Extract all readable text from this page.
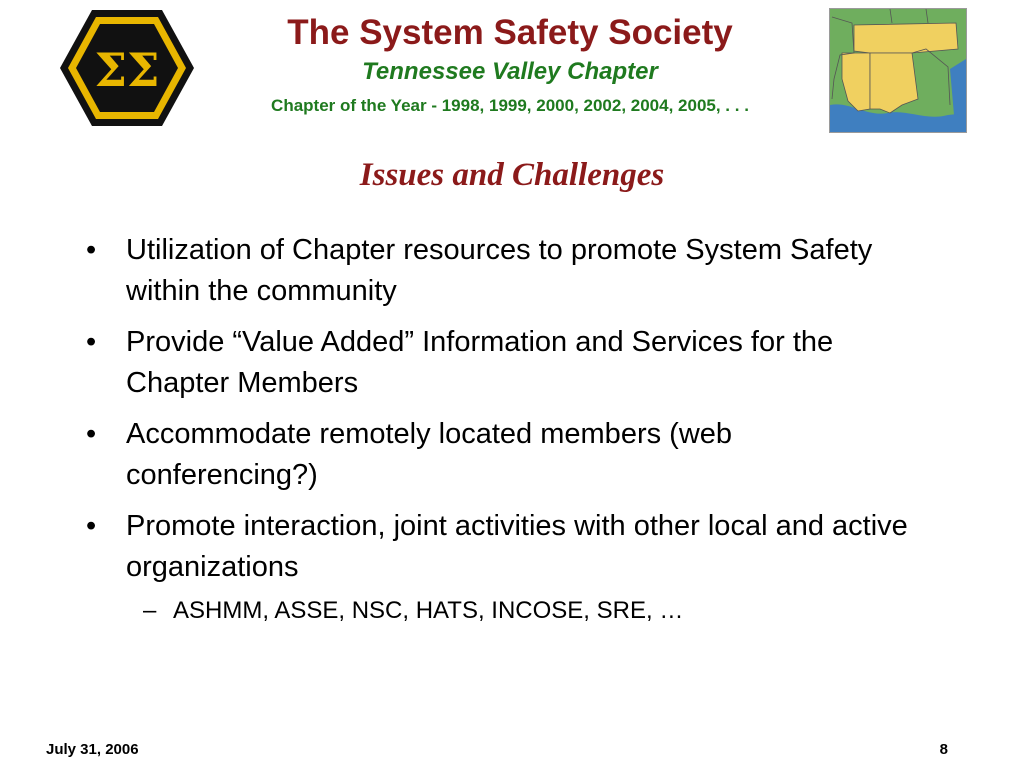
ΣΣ
The System Safety Society
Tennessee Valley Chapter
Chapter of the Year - 1998, 1999, 2000, 2002, 2004, 2005, . . .
Issues and Challenges
• Utilization of Chapter resources to promote System Safety within the community
• Provide “Value Added” Information and Services for the Chapter Members
• Accommodate remotely located members (web conferencing?)
• Promote interaction, joint activities with other local and active organizations
– ASHMM, ASSE, NSC, HATS, INCOSE, SRE, …
July 31, 2006	8
